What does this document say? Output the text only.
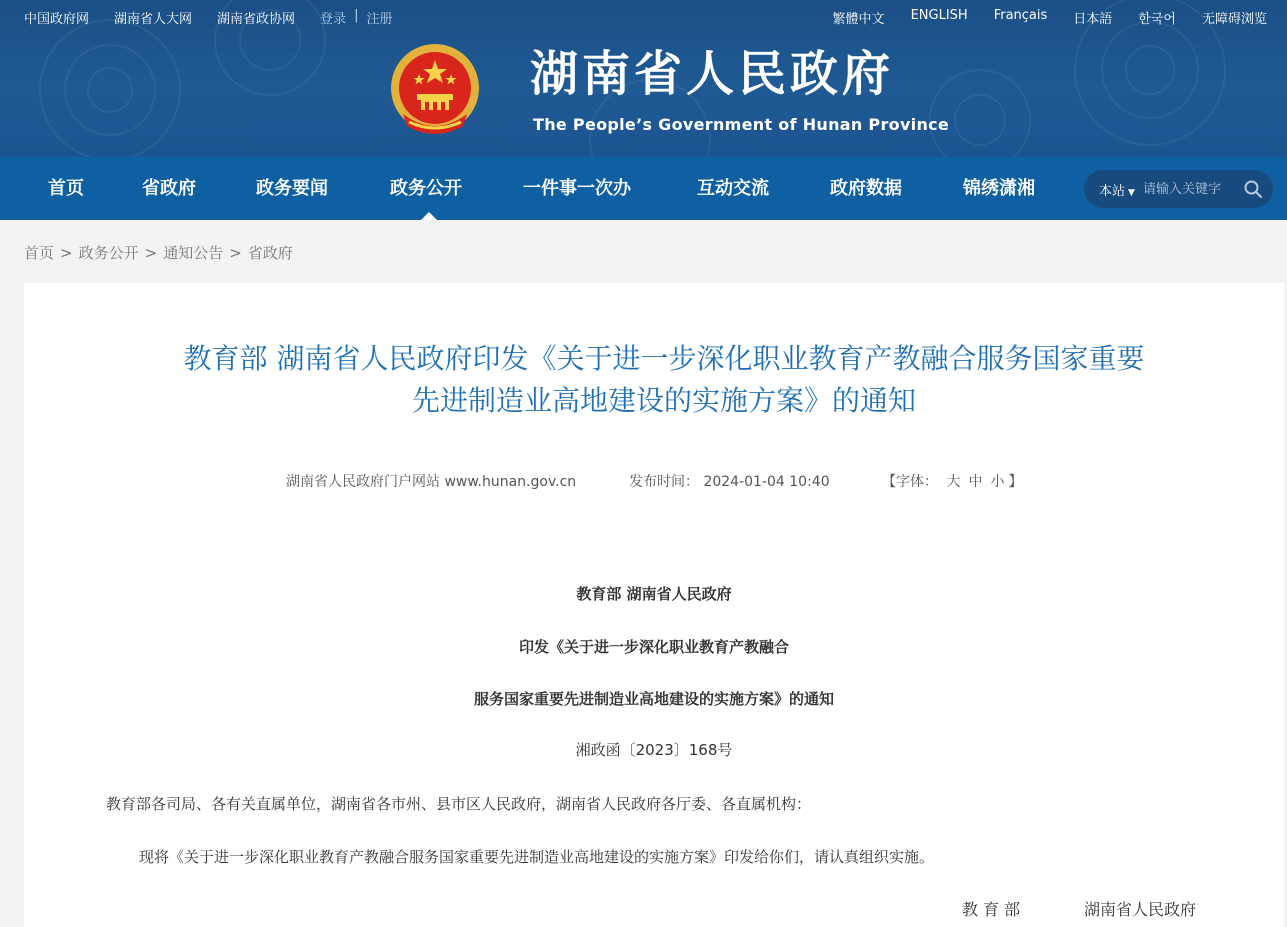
中国政府网 湖南省人大网 湖南省政协网 登录 | 注册	繁體中文 ENGLISH Français 日本語 한국어 无障碍浏览
湖南省人民政府
The People’s Government of Hunan Province
首页	省政府	政务要闻	政务公开	一件事一次办	互动交流	政府数据	锦绣潇湘	本站 ▼
请输入关键字
首页 > 政务公开 > 通知公告 > 省政府
教育部 湖南省人民政府印发《关于进一步深化职业教育产教融合服务国家重要
先进制造业高地建设的实施方案》的通知
湖南省人民政府门户网站 www.hunan.gov.cn	发布时间： 2024-01-04 10:40	【字体： 大 中 小 】
教育部 湖南省人民政府
印发《关于进一步深化职业教育产教融合
服务国家重要先进制造业高地建设的实施方案》的通知
湘政函〔2023〕168号
教育部各司局、各有关直属单位，湖南省各市州、县市区人民政府，湖南省人民政府各厅委、各直属机构：
现将《关于进一步深化职业教育产教融合服务国家重要先进制造业高地建设的实施方案》印发给你们，请认真组织实施。
教 育 部	湖南省人民政府
